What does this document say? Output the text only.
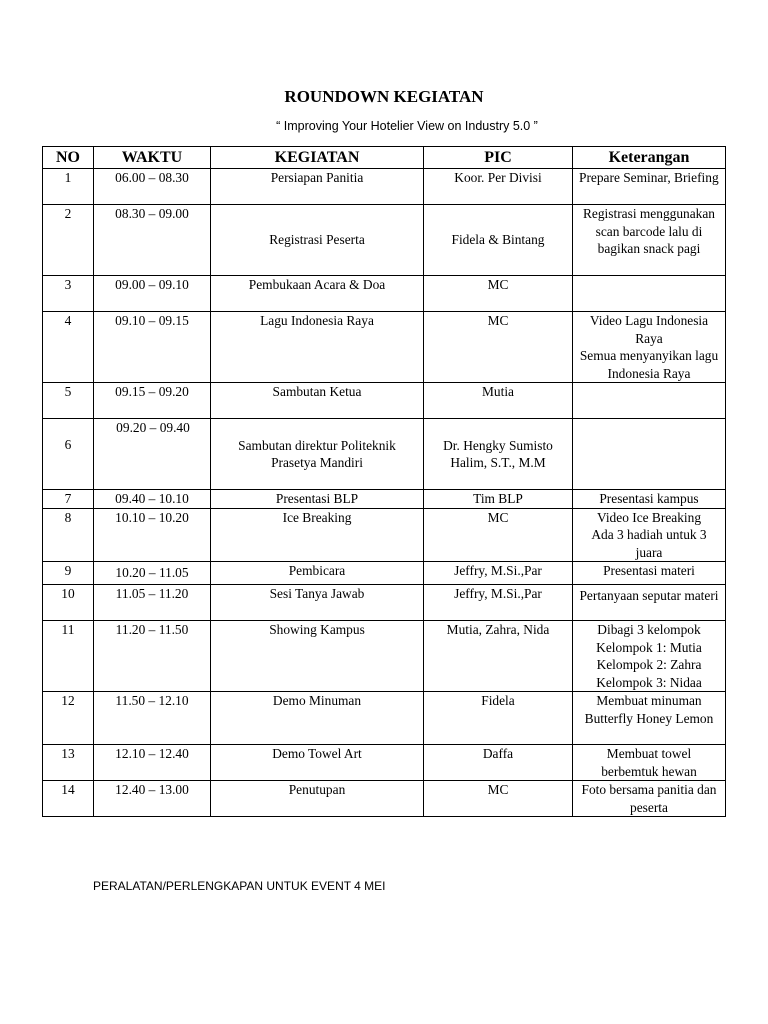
ROUNDOWN KEGIATAN
“ Improving Your Hotelier View on Industry 5.0 ”
NO	WAKTU	KEGIATAN	PIC	Keterangan
1	06.00 – 08.30	Persiapan Panitia	Koor. Per Divisi	Prepare Seminar, Briefing
2	08.30 – 09.00	Registrasi Peserta	Fidela & Bintang	Registrasi menggunakan scan barcode lalu di bagikan snack pagi
3	09.00 – 09.10	Pembukaan Acara & Doa	MC	
4	09.10 – 09.15	Lagu Indonesia Raya	MC	Video Lagu Indonesia Raya
Semua menyanyikan lagu Indonesia Raya

5	09.15 – 09.20	Sambutan Ketua	Mutia	
6	09.20 – 09.40	Sambutan direktur Politeknik Prasetya Mandiri	Dr. Hengky Sumisto Halim, S.T., M.M	
7	09.40 – 10.10	Presentasi BLP	Tim BLP	Presentasi kampus
8	10.10 – 10.20	Ice Breaking	MC	Video Ice Breaking
Ada 3 hadiah untuk 3 juara

9	10.20 – 11.05	Pembicara	Jeffry, M.Si.,Par	Presentasi materi
10	11.05 – 11.20	Sesi Tanya Jawab	Jeffry, M.Si.,Par	Pertanyaan seputar materi
11	11.20 – 11.50	Showing Kampus	Mutia, Zahra, Nida	Dibagi 3 kelompok
Kelompok 1: Mutia
Kelompok 2: Zahra
Kelompok 3: Nidaa

12	11.50 – 12.10	Demo Minuman	Fidela	Membuat minuman Butterfly Honey Lemon
13	12.10 – 12.40	Demo Towel Art	Daffa	Membuat towel berbemtuk hewan
14	12.40 – 13.00	Penutupan	MC	Foto bersama panitia dan peserta
PERALATAN/PERLENGKAPAN UNTUK EVENT 4 MEI
